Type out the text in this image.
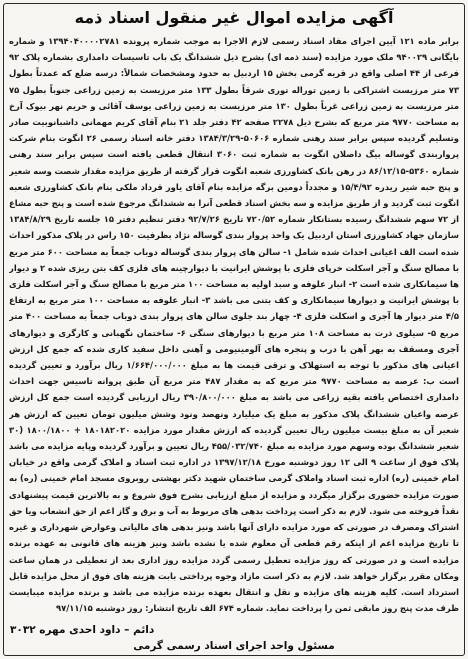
آگهی مزایده اموال غیر منقول اسناد ذمه
برابر ماده ۱۲۱ آیین اجرای مفاد اسناد رسمی لازم الاجرا به موجب شماره پرونده ۱۳۹۴۰۴۰۰۰۰۲۷۸۱ و شماره بایگانی ۹۴۰۰۲۹ ملک مورد مزایده (سند ذمه ای) بشرح ذیل ششدانگ یک باب تاسیسات دامداری بشماره پلاک ۹۲ فرعی از ۴۴ اصلی واقع در قریه گرمی بخش ۱۵ اردبیل به حدود ومشخصات شمالاً: درسه ضلع که عمدتاً بطول ۷۳ متر مرزیست اشتراکی با زمین توراله توری شرقاً بطول ۱۳۳ متر مرزیست به زمین زراعی جنوباً بطول ۷۵ متر مرزیست به زمین زراعی غرباً بطول ۱۳۰ متر مرزیست به زمین زراعی یوسف آقائی و حریم نهر بیوک آرخ به مساحت ۹۷۷۰ متر مربع که بشرح ذیل ۲۲۷۸ صفحه ۴۲ دفتر جلد ۲۱ بنام آقای کریم مهمانی داشبانوبیت صادر وتسلیم گردیده سپس برابر سند رهنی شماره ۵۰۶۰۶-۱۳۸۴/۳/۲۹ دفتر خانه اسناد رسمی ۲۶ انگوت بنام شرکت پرواربندی گوساله بیگ داصلان انگوت به شماره ثبت ۳۰۶۰ انتقال قطعی یافته است سپس برابر سند رهنی شماره ۵۳۶۰-۸۶/۱۲/۱۵ در رهن بانک کشاورزی شعبه انگوت قرار گرفته از طریق مزایده مقدار شصت وسه شعیر و پنج حبه شیر ریدره ۱۵/۴/۹۲ و مجدداً دومین برگه مزایده بنام آقای یاور قرداد ملکی بنام بانک کشاورزی شعبه انگوت ثبت گردید و از طریق مزایده و سه بخش اسناد قطعی آنرا به ششدانگ مرجوع شده است و پنج حبه مشاع از ۷۲ سهم ششدانگ رسیده بستانکار شماره ۷۲۰/۵۲ تاریخ ۹۲/۷/۲۶ دفتر تنظیم دفتر ۱۵ جلسه تاریخ ۱۳۸۴/۸/۲۹ سازمان جهاد کشاورزی استان اردبیل یک واحد پروار بندی گوساله نژاد بظرفیت ۱۵۰ راس در پلاک مذکور احداث شده است الف اعیانی احداث شده شامل ۱- سالن های پروار بندی گوساله دوباب جمعاً به مساحت ۶۰۰ متر مربع با مصالح سنگ و آجر اسکلت خرپای فلزی با پوشش ایرانیت با دیوارچینه های فلزی کف بتن ریزی شده ۲ و دیوار ها سیمانکاری شده است ۲- انبار علوفه و سبد اولیه به مساحت ۱۰۰ متر مربع با مصالح سنگ و آجر اسکلت فلزی با پوشش ایرانیت و دیوارها سیمانکاری و کف بتنی می باشد ۳- انبار علوفه به مساحت ۱۰۰ متر مربع به ارتفاع ۴/۵ متر دیوار ها آجری و اسکلت فلزی ۴- چهار بند جلوی سالن های پروار بندی دوباب جمعاً به مساحت ۴۰۰ متر مربع ۵- سیلوی ذرت به مساحت ۱۰۸ متر مربع با دیوارهای سنگی ۶- ساختمان نگهبانی و کارگری و دیوارهای آجری ومسقف به بهر آهن با درب و پنجره های آلومینیومی و آهنی داخل سفید کاری شده که جمع کل ارزش اعیانی های مذکور با توجه به استهلاک و ترقی قیمت ها به مبلغ ۱/۶۶۴/۰۰۰/۰۰۰ ریال برآورد و تعیین گردیده است ب: عرصه به مساحت ۹۷۷۰ متر مربع که به مقدار ۴۸۷ متر مربع آن طبق پروانه تاسیس جهت احداث دامداری اختصاص یافته بقیه زراعی می باشد به مبلغ ۳۹۰/۸۰۰/۰۰۰ ریال ارزیابی گردیده است جمع کل ارزش عرصه واعیان ششدانگ پلاک مذکور به مبلغ یک میلیارد ونهصد ونود وشش میلیون تومان تعیین که ارزش هر شعیر آن به مبلغ بیست میلیون ریال تعیین گردیده که ارزش مقدار مورد مزایده ۱۸۰۱۸۲۰۲۰ + ۱۸۰۰/۱۸۰۰ (۳۰ شعیر ششدانگ بوده وسهم مورد مزایده به مبلغ ۴۵۵/۰۳۲/۷۴۰ ریال تعیین و برآورد گردیده وپایه مزایده می باشد پلاک فوق از ساعت ۹ الی ۱۲ روز دوشنبه مورخ ۱۳۹۷/۱۲/۱۸ در اداره ثبت اسناد و املاک گرمی واقع در خیابان امام خمینی (ره) اداره ثبت اسناد واملاک گرمی ساختمان شهید دکتر بهشتی روبروی مسجد امام خمینی (ره) به صورت مزایده حضوری برگزار میگردد و مزایده از مبلغ ارزیابی بشرح فوق شروع و به بالاترین قیمت پیشنهادی نقداً فروخته می شود. لازم به ذکر است پرداخت بدهی های مربوط به آب و برق و گاز اعم از حق انشعاب ویا حق اشتراک ومصرف در صورتی که مورد مزایده دارای آنها باشد ونیز بدهی های مالیاتی وعوارض شهرداری و غیره تا تاریخ مزایده اعم از اینکه رقم قطعی آن معلوم شده یا نشده باشد ونیز هزینه های قانونی به عهده برنده مزایده است و در صورتی که روز مزایده تعطیل رسمی گردد مزایده روز اداری بعد از تعطیلی در همان ساعت ومکان مقرر برگزار خواهد شد. لازم به ذکر است مازاد وجوه پرداختی بابت هزینه های فوق از محل مزایده قابل استرداد است. کلیه هزینه های مزایده و نقل و انتقال بعهده برنده مزایده می باشد و برنده مزایده میبایست ظرف مدت پنج روز مابقی ثمن را پرداخت نماید. شماره ۶۷۴ الف تاریخ انتشار: روز دوشنبه ۹۷/۱۱/۱۵
دائم – داود احدی مهره ۳۰۳۲
مسئول واحد اجرای اسناد رسمی گرمی
